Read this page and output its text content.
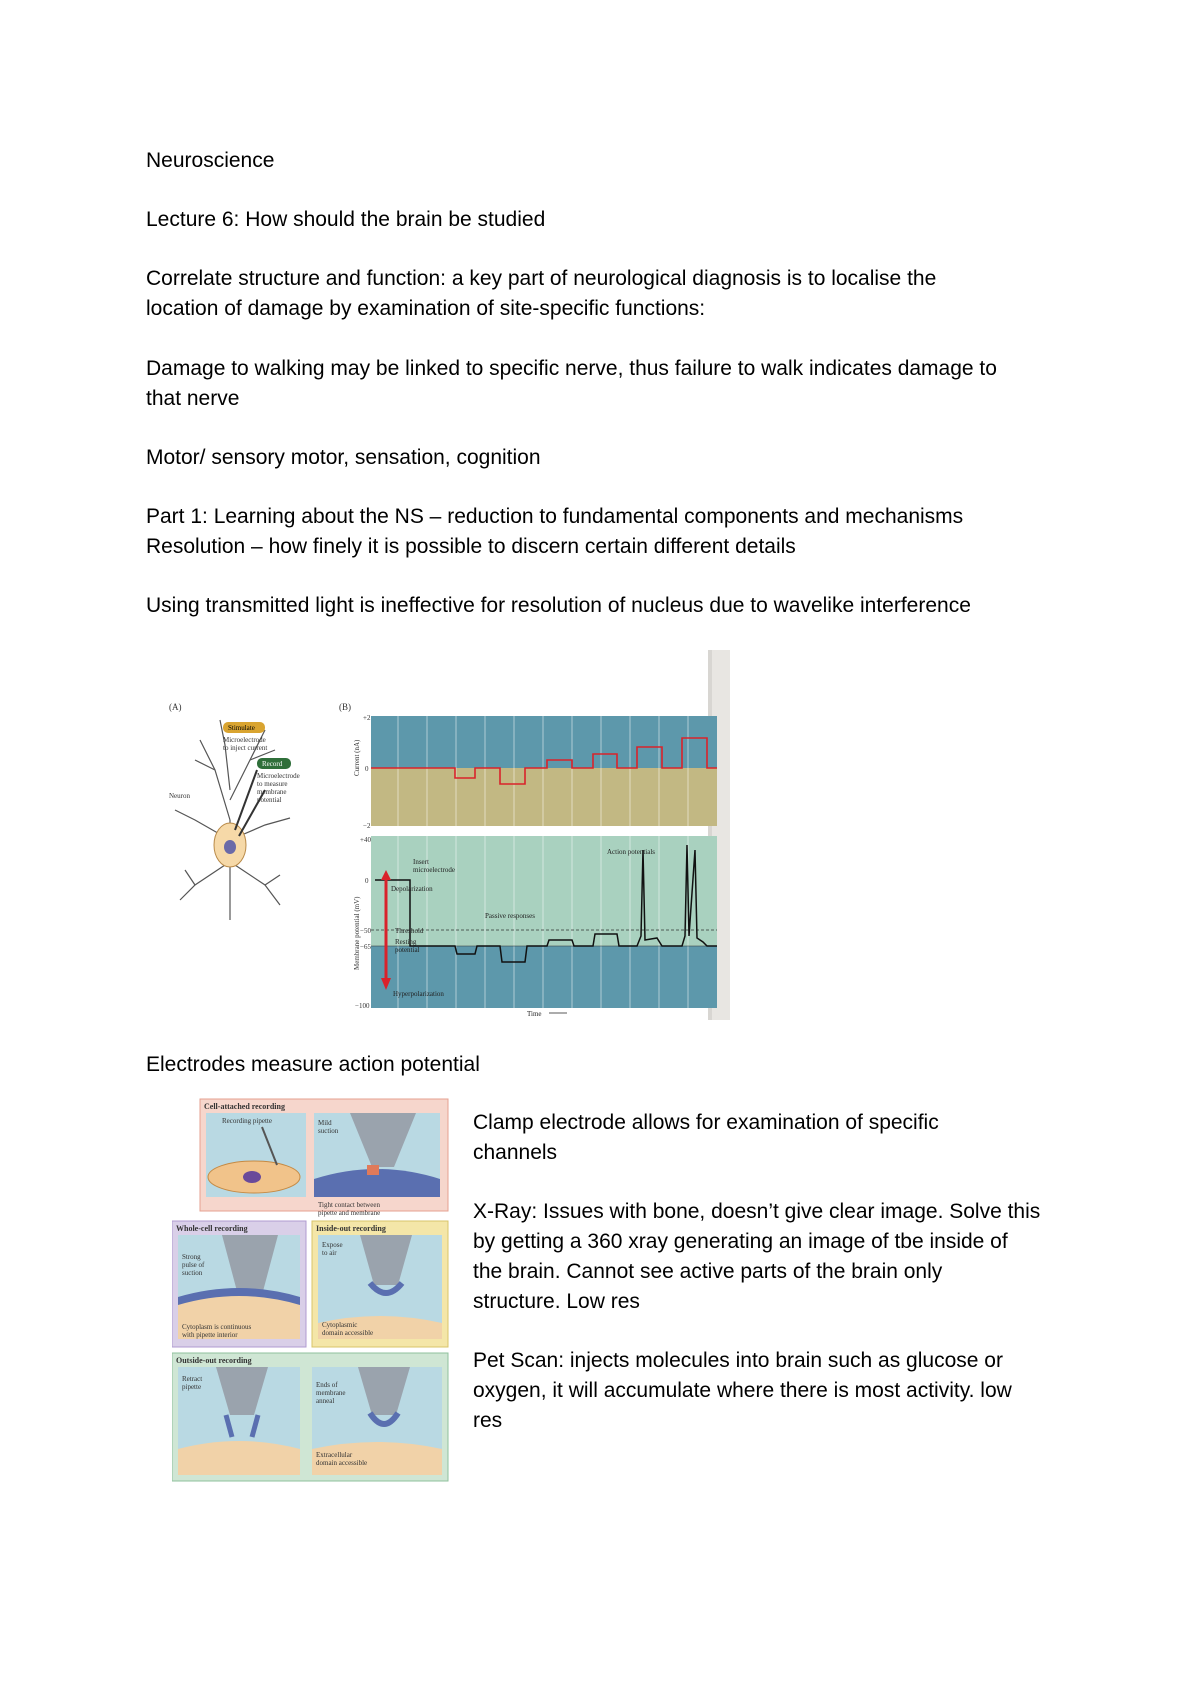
Neuroscience

Lecture 6: How should the brain be studied

Correlate structure and function: a key part of neurological diagnosis is to localise the

location of damage by examination of site-specific functions:

Damage to walking may be linked to specific nerve, thus failure to walk indicates damage to

that nerve

Motor/ sensory motor, sensation, cognition

Part 1: Learning about the NS – reduction to fundamental components and mechanisms

Resolution – how finely it is possible to discern certain different details

Using transmitted light is ineffective for resolution of nucleus due to wavelike interference

(A)	(B)
Stimulate
Microelectrode
to inject current
Record
Microelectrode
to measure
membrane
potential
Neuron
Current (nA)
+2
0
−2
Membrane potential (mV)
+40
0
−50
−65
−100
Insert
microelectrode
Depolarization
Threshold
Resting
potential
Hyperpolarization
Passive responses
Action potentials
Time

Electrodes measure action potential

Cell-attached recording
Recording pipette	Mild
suction
Tight contact between
pipette and membrane
Whole-cell recording
Strong
pulse of
suction
Cytoplasm is continuous
with pipette interior
Inside-out recording
Expose
to air
Cytoplasmic
domain accessible
Outside-out recording
Retract
pipette	Ends of
membrane
anneal
Extracellular
domain accessible

Clamp electrode allows for examination of specific

channels

X-Ray: Issues with bone, doesn’t give clear image. Solve this

by getting a 360 xray generating an image of tbe inside of

the brain. Cannot see active parts of the brain only

structure. Low res

Pet Scan: injects molecules into brain such as glucose or

oxygen, it will accumulate where there is most activity. low

res
